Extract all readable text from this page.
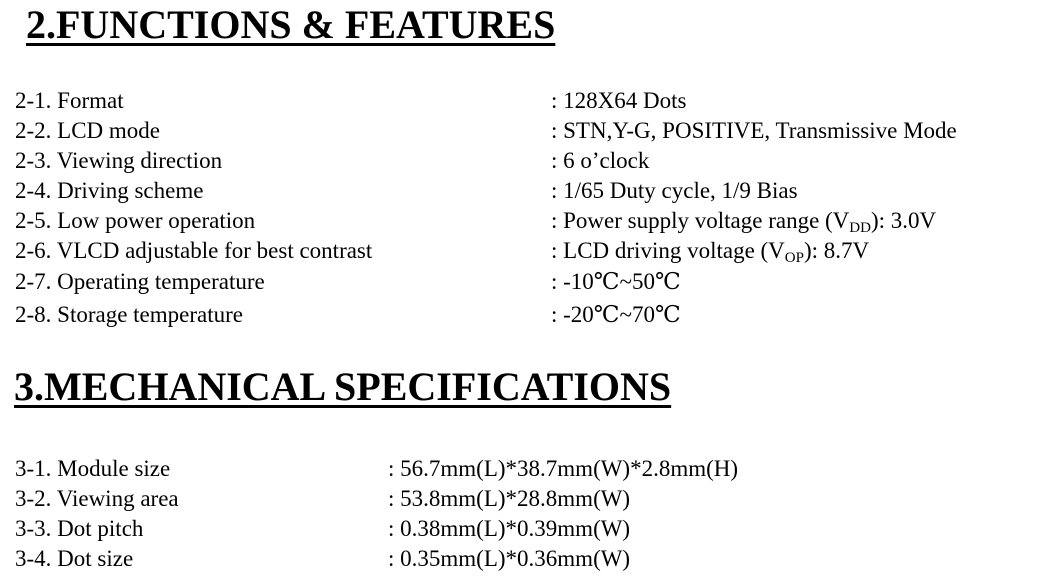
2.FUNCTIONS & FEATURES
2-1. Format	: 128X64 Dots
2-2. LCD mode	: STN,Y-G, POSITIVE, Transmissive Mode
2-3. Viewing direction	: 6 o’clock
2-4. Driving scheme	: 1/65 Duty cycle, 1/9 Bias
2-5. Low power operation	: Power supply voltage range $(V_{DD})$: 3.0V
2-6. VLCD adjustable for best contrast	: LCD driving voltage $(V_{OP})$: 8.7V
2-7. Operating temperature	: -10℃~50℃
2-8. Storage temperature	: -20℃~70℃
3.MECHANICAL SPECIFICATIONS
3-1. Module size	: 56.7mm(L)*38.7mm(W)*2.8mm(H)
3-2. Viewing area	: 53.8mm(L)*28.8mm(W)
3-3. Dot pitch	: 0.38mm(L)*0.39mm(W)
3-4. Dot size	: 0.35mm(L)*0.36mm(W)
